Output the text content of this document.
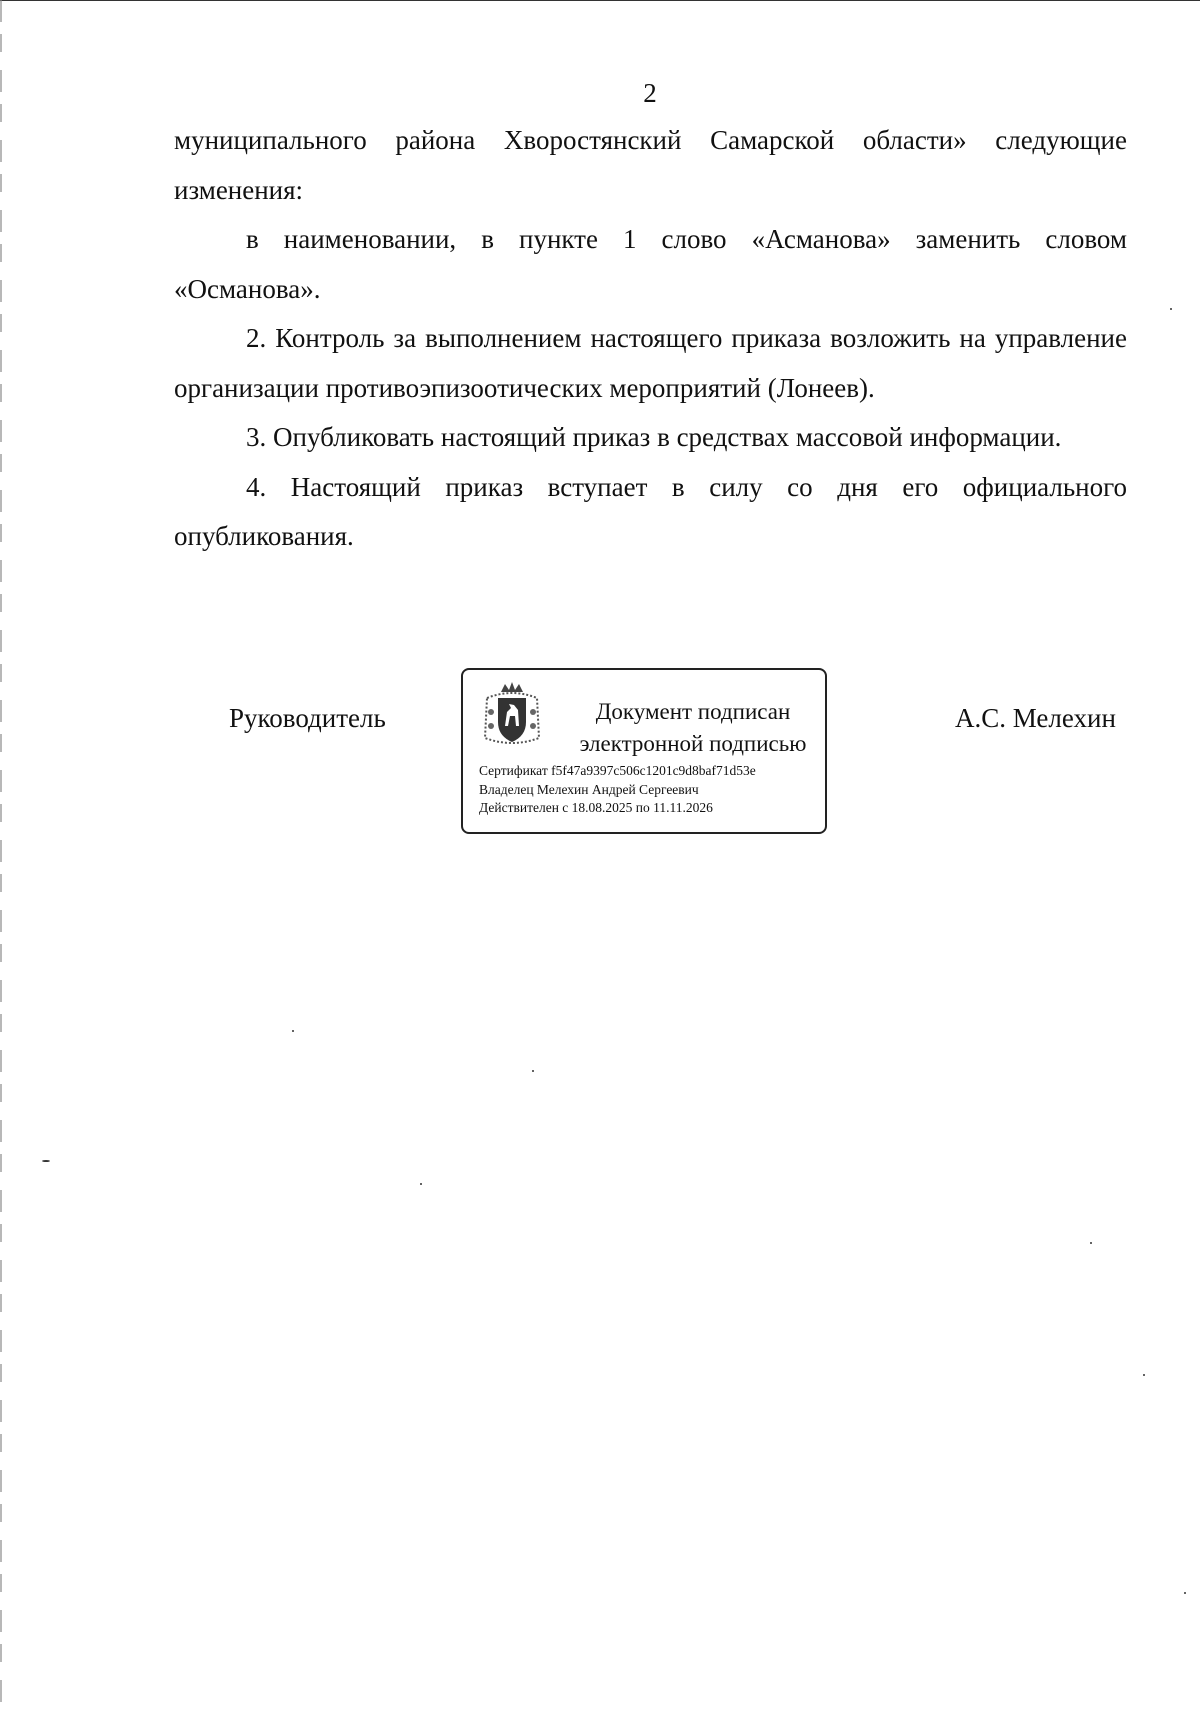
2

муниципального района Хворостянский Самарской области» следующие изменения:

в наименовании, в пункте 1 слово «Асманова» заменить словом «Османова».

2. Контроль за выполнением настоящего приказа возложить на управление организации противоэпизоотических мероприятий (Лонеев).

3. Опубликовать настоящий приказ в средствах массовой информации.

4. Настоящий приказ вступает в силу со дня его официального опубликования.

Руководитель	Документ подписан
электронной подписью
Сертификат f5f47a9397c506c1201c9d8baf71d53e
Владелец Мелехин Андрей Сергеевич
Действителен с 18.08.2025 по 11.11.2026
А.С. Мелехин
